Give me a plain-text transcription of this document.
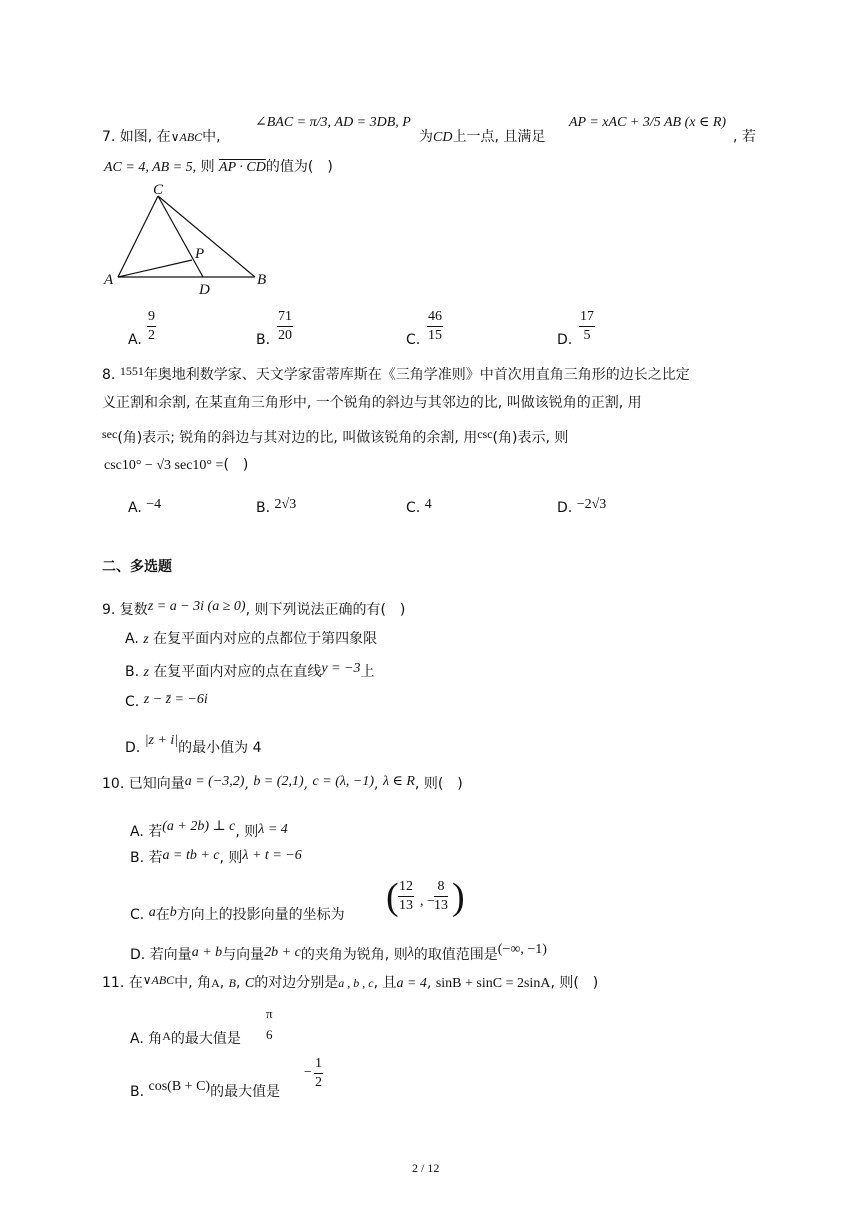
7. 如图, 在∨ABC中,
∠BAC = π/3, AD = 3DB, P
为CD上一点, 且满足
AP = xAC + 3/5 AB (x ∈ R)
, 若
AC = 4, AB = 5, 则 AP · CD的值为(　)
C
A	B
D
P
A. $\frac{9}{2}$	B. $\frac{71}{20}$	C. $\frac{46}{15}$	D. $\frac{17}{5}$
8. 1551年奥地利数学家、天文学家雷蒂库斯在《三角学准则》中首次用直角三角形的边长之比定
义正割和余割, 在某直角三角形中, 一个锐角的斜边与其邻边的比, 叫做该锐角的正割, 用
sec(角)表示; 锐角的斜边与其对边的比, 叫做该锐角的余割, 用csc(角)表示, 则
csc10° − √3 sec10° =(　)
A. −4	B. 2√3	C. 4	D. −2√3
二、多选题
9. 复数z = a − 3i (a ≥ 0), 则下列说法正确的有(　)
A. z 在复平面内对应的点都位于第四象限
B. z 在复平面内对应的点在直线y = −3上
C. z − z̄ = −6i
D. |z + i|的最小值为 4
10. 已知向量a = (−3,2), b = (2,1), c = (λ, −1), λ ∈ R, 则(　)
A. 若(a + 2b) ⊥ c, 则λ = 4
B. 若a = tb + c, 则λ + t = −6
C. a在b方向上的投影向量的坐标为 ( $\frac{12}{13}$ , − $\frac{8}{13}$ )
D. 若向量a + b与向量2b + c的夹角为锐角, 则λ的取值范围是(−∞, −1)
11. 在∨ABC中, 角A, B, C的对边分别是a , b , c, 且a = 4, sinB + sinC = 2sinA, 则(　)
A. 角A的最大值是
π
6
B. cos(B + C)的最大值是
− $\frac{1}{2}$
2 / 12
